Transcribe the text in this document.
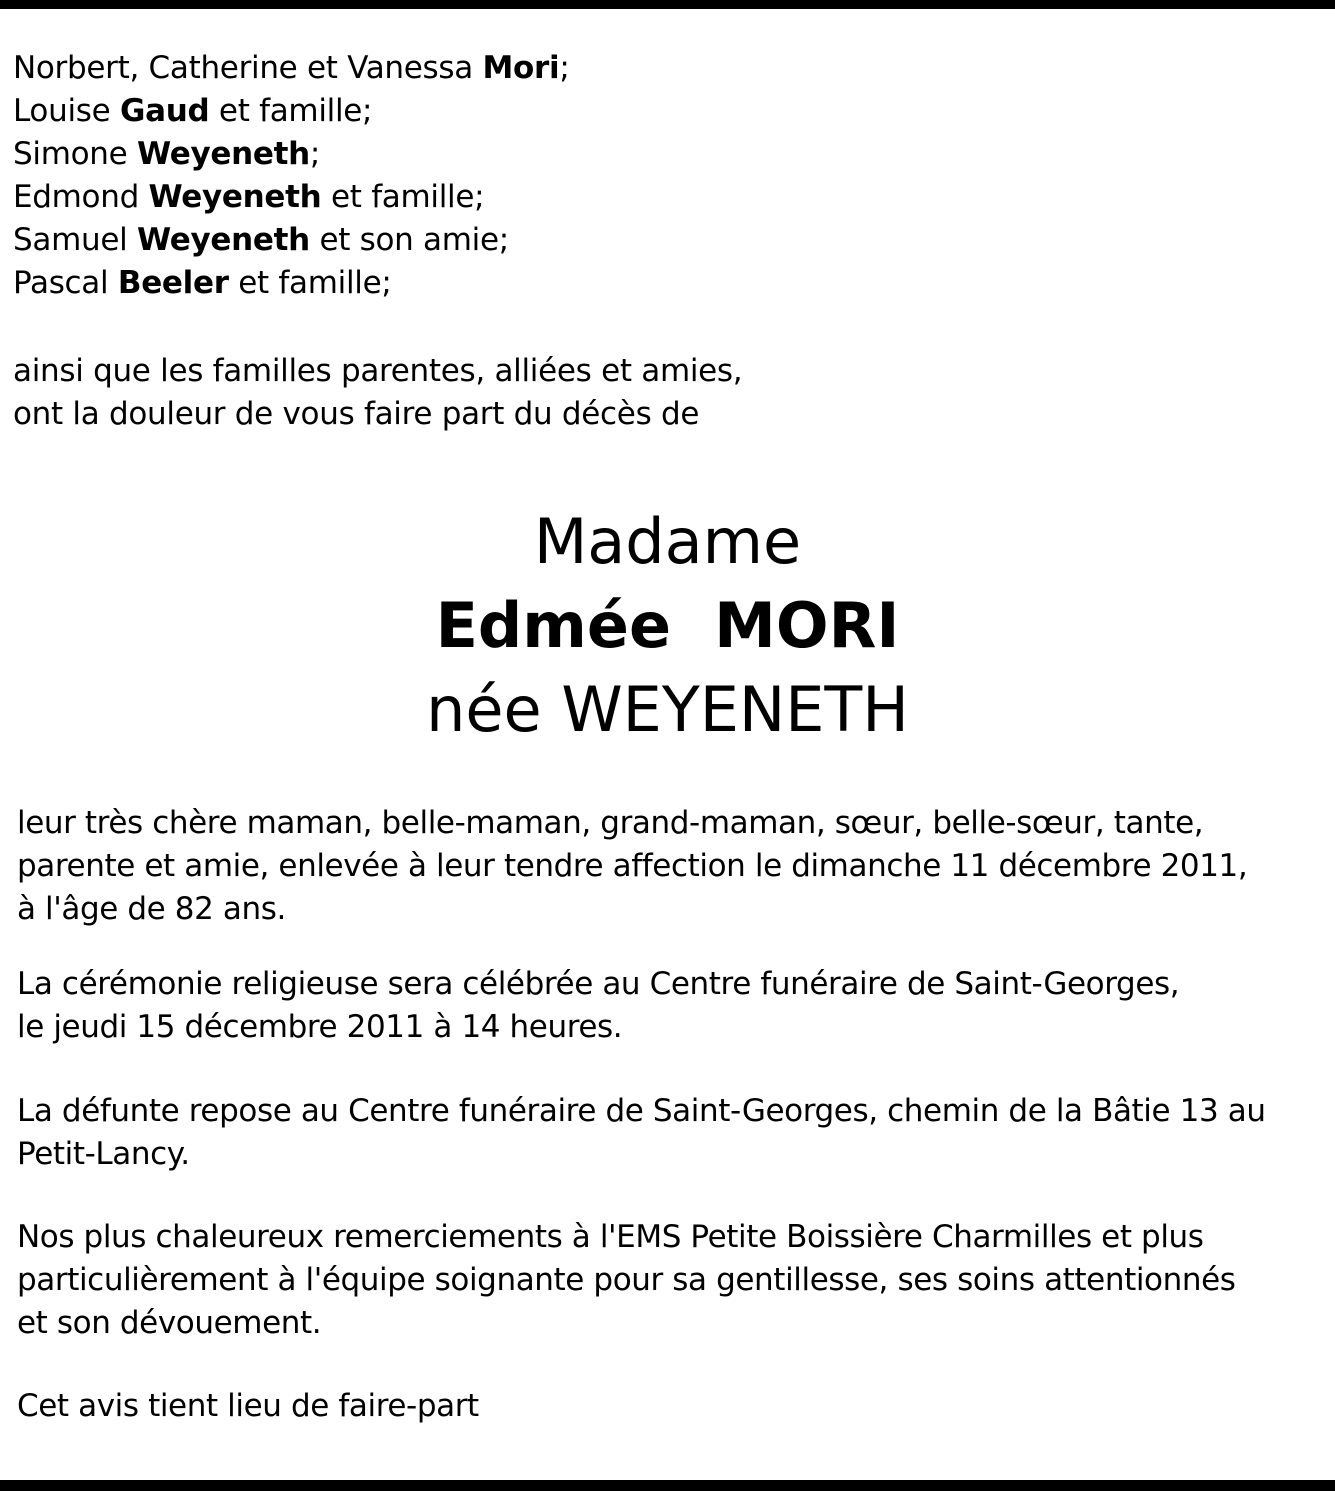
Norbert, Catherine et Vanessa Mori;
Louise Gaud et famille;
Simone Weyeneth;
Edmond Weyeneth et famille;
Samuel Weyeneth et son amie;
Pascal Beeler et famille;
ainsi que les familles parentes, alliées et amies,
ont la douleur de vous faire part du décès de
Madame
Edmée  MORI
née WEYENETH
leur très chère maman, belle-maman, grand-maman, sœur, belle-sœur, tante,
parente et amie, enlevée à leur tendre affection le dimanche 11 décembre 2011,
à l'âge de 82 ans.
La cérémonie religieuse sera célébrée au Centre funéraire de Saint-Georges,
le jeudi 15 décembre 2011 à 14 heures.
La défunte repose au Centre funéraire de Saint-Georges, chemin de la Bâtie 13 au
Petit-Lancy.
Nos plus chaleureux remerciements à l'EMS Petite Boissière Charmilles et plus
particulièrement à l'équipe soignante pour sa gentillesse, ses soins attentionnés
et son dévouement.
Cet avis tient lieu de faire-part
